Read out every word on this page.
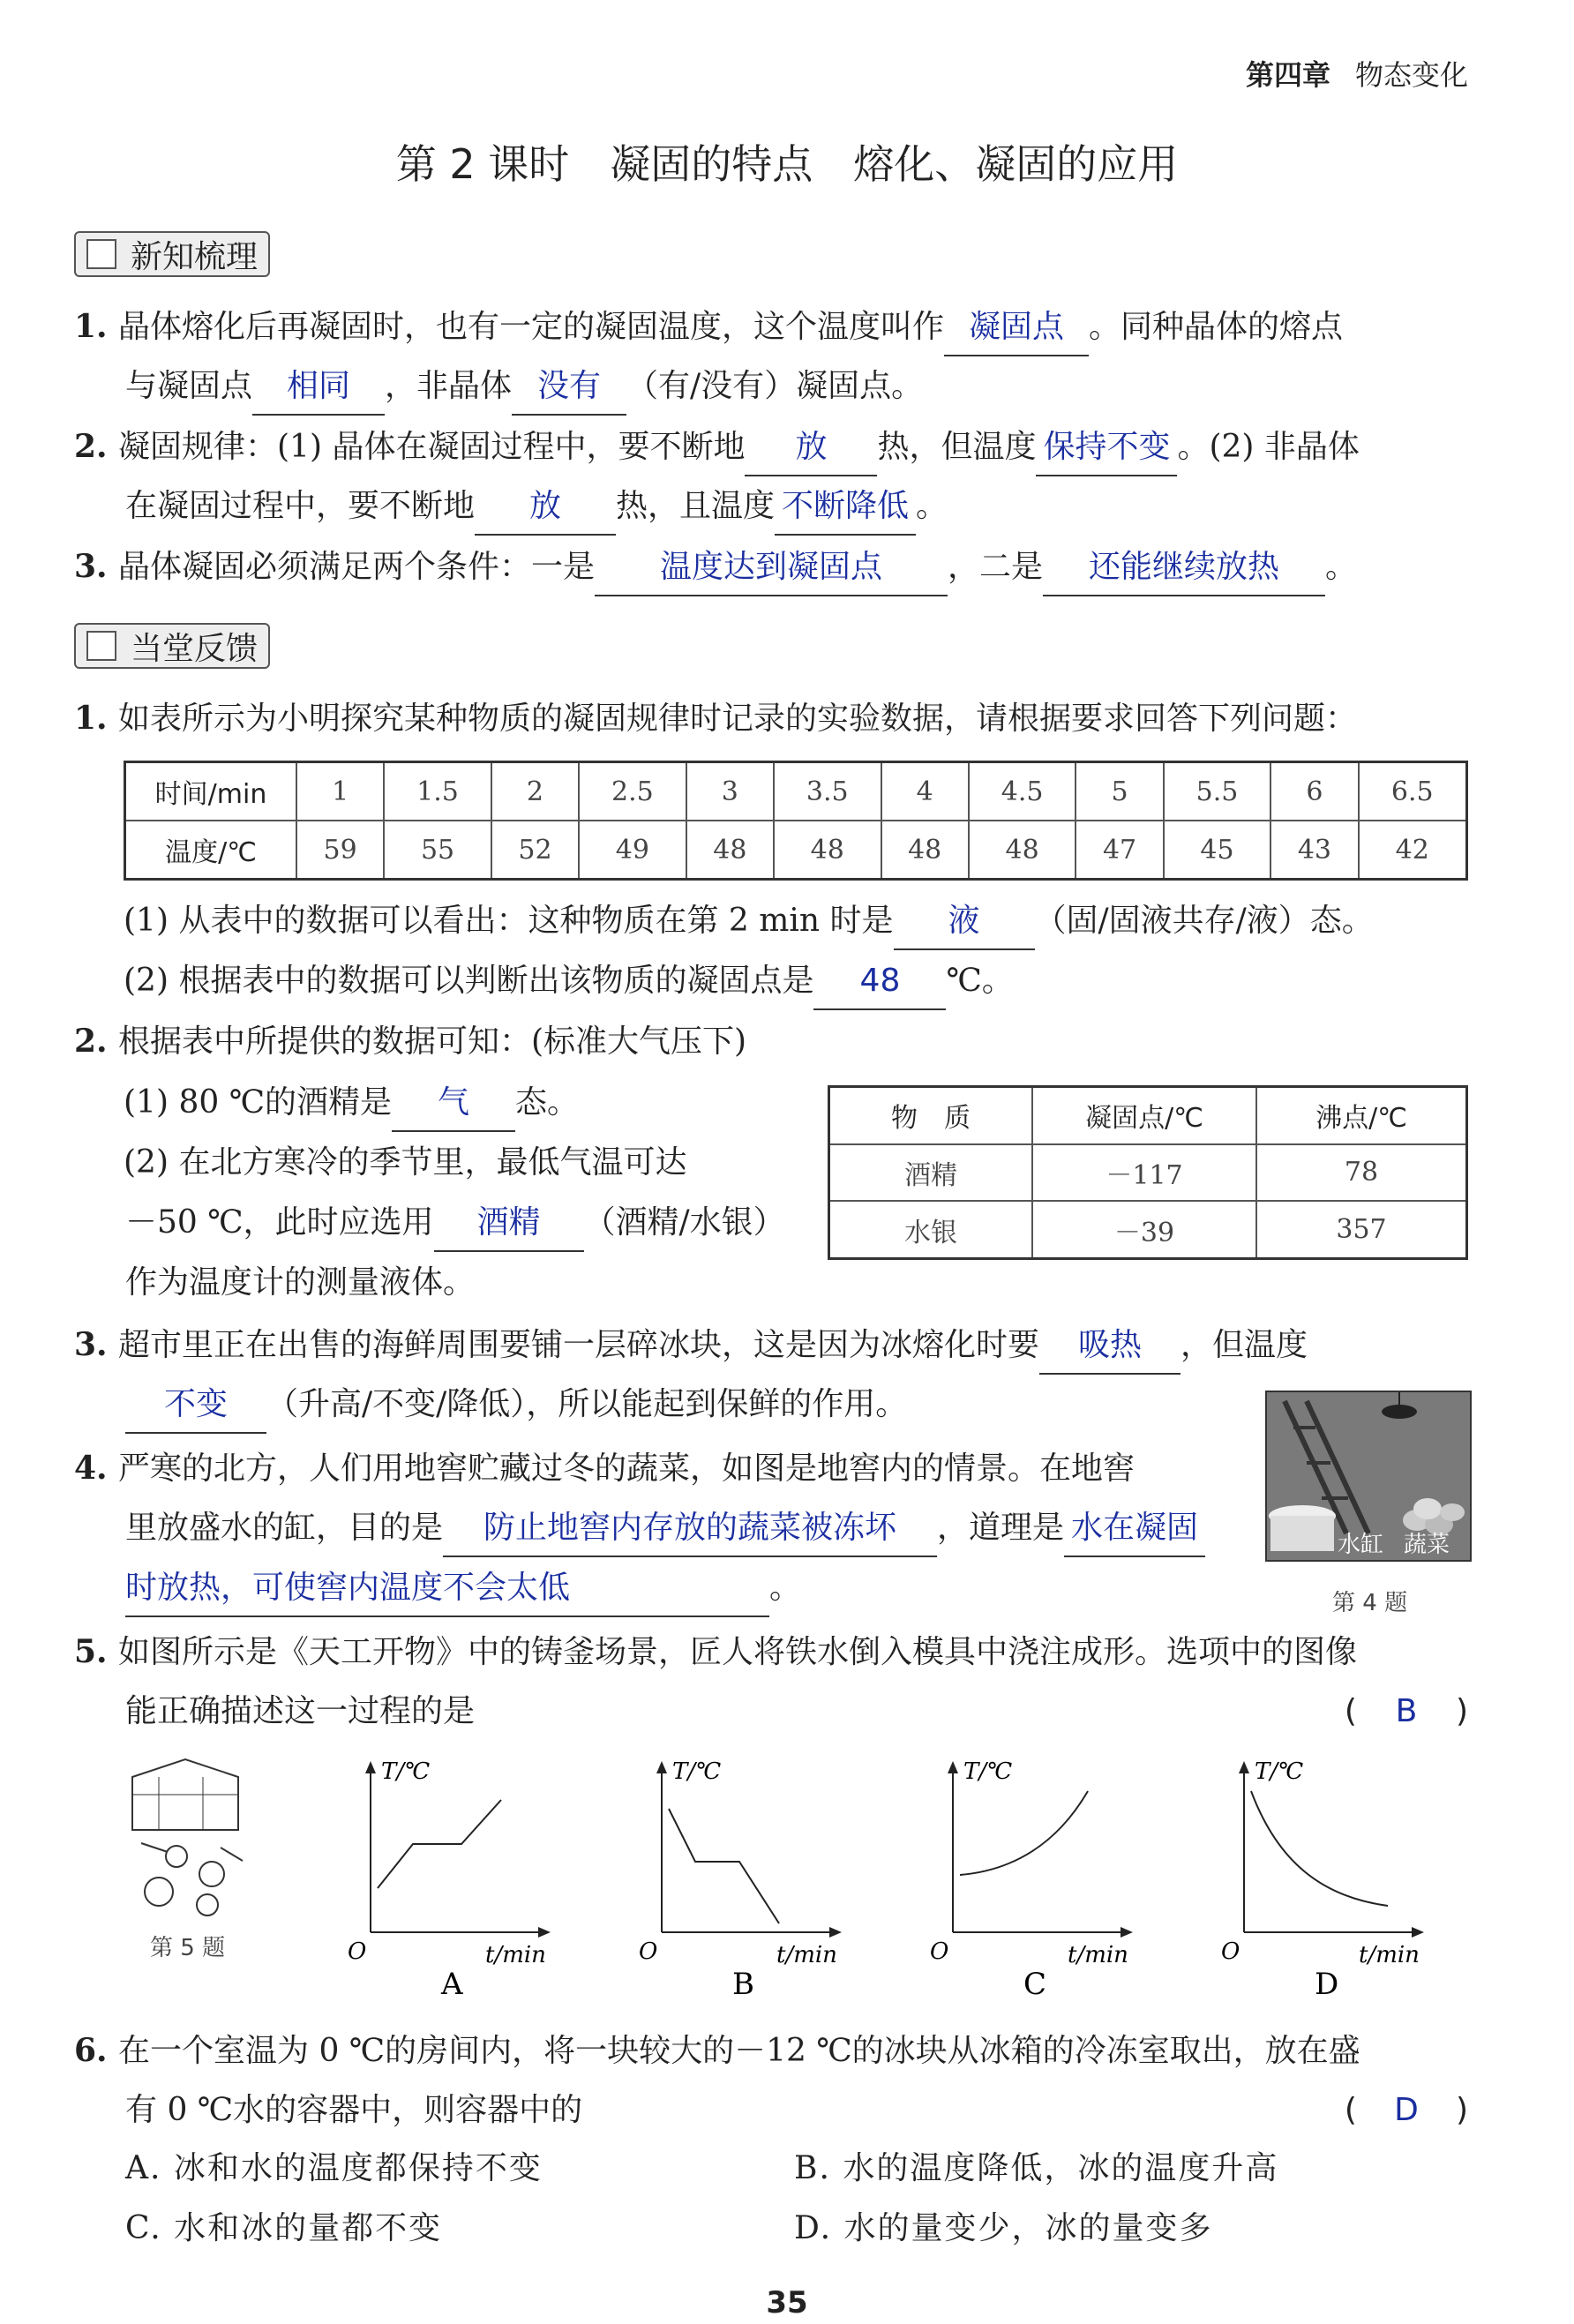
第四章 物态变化
第 2 课时　凝固的特点　熔化、凝固的应用
新知梳理
1. 晶体熔化后再凝固时，也有一定的凝固温度，这个温度叫作 凝固点 。同种晶体的熔点
与凝固点 相同 ，非晶体 没有 （有/没有）凝固点。
2. 凝固规律：(1) 晶体在凝固过程中，要不断地 放 热，但温度 保持不变 。(2) 非晶体
在凝固过程中，要不断地 放 热，且温度 不断降低 。
3. 晶体凝固必须满足两个条件：一是 温度达到凝固点 ，二是 还能继续放热 。
当堂反馈
1. 如表所示为小明探究某种物质的凝固规律时记录的实验数据，请根据要求回答下列问题：
时间/min	1	1.5	2	2.5	3	3.5	4	4.5	5	5.5	6	6.5
温度/℃	59	55	52	49	48	48	48	48	47	45	43	42
(1) 从表中的数据可以看出：这种物质在第 2 min 时是 液 （固/固液共存/液）态。
(2) 根据表中的数据可以判断出该物质的凝固点是 48 ℃。
2. 根据表中所提供的数据可知：(标准大气压下)
(1) 80 ℃的酒精是 气 态。
(2) 在北方寒冷的季节里，最低气温可达
－50 ℃，此时应选用 酒精 （酒精/水银）
作为温度计的测量液体。
物　质	凝固点/℃	沸点/℃
酒精	－117	78
水银	－39	357
3. 超市里正在出售的海鲜周围要铺一层碎冰块，这是因为冰熔化时要 吸热 ，但温度
不变 （升高/不变/降低），所以能起到保鲜的作用。
4. 严寒的北方，人们用地窖贮藏过冬的蔬菜，如图是地窖内的情景。在地窖
里放盛水的缸，目的是 防止地窖内存放的蔬菜被冻坏 ，道理是 水在凝固
时放热，可使窖内温度不会太低	。
水缸 蔬菜
第 4 题
5. 如图所示是《天工开物》中的铸釜场景，匠人将铁水倒入模具中浇注成形。选项中的图像
能正确描述这一过程的是	(　B　)
第 5 题
T/℃
t/min
O
A
T/℃
t/min
O
B
T/℃
t/min
O
C
T/℃
t/min
O
D
6. 在一个室温为 0 ℃的房间内，将一块较大的－12 ℃的冰块从冰箱的冷冻室取出，放在盛
有 0 ℃水的容器中，则容器中的	(　D　)
A. 冰和水的温度都保持不变	B. 水的温度降低，冰的温度升高
C. 水和冰的量都不变	D. 水的量变少，冰的量变多
35
